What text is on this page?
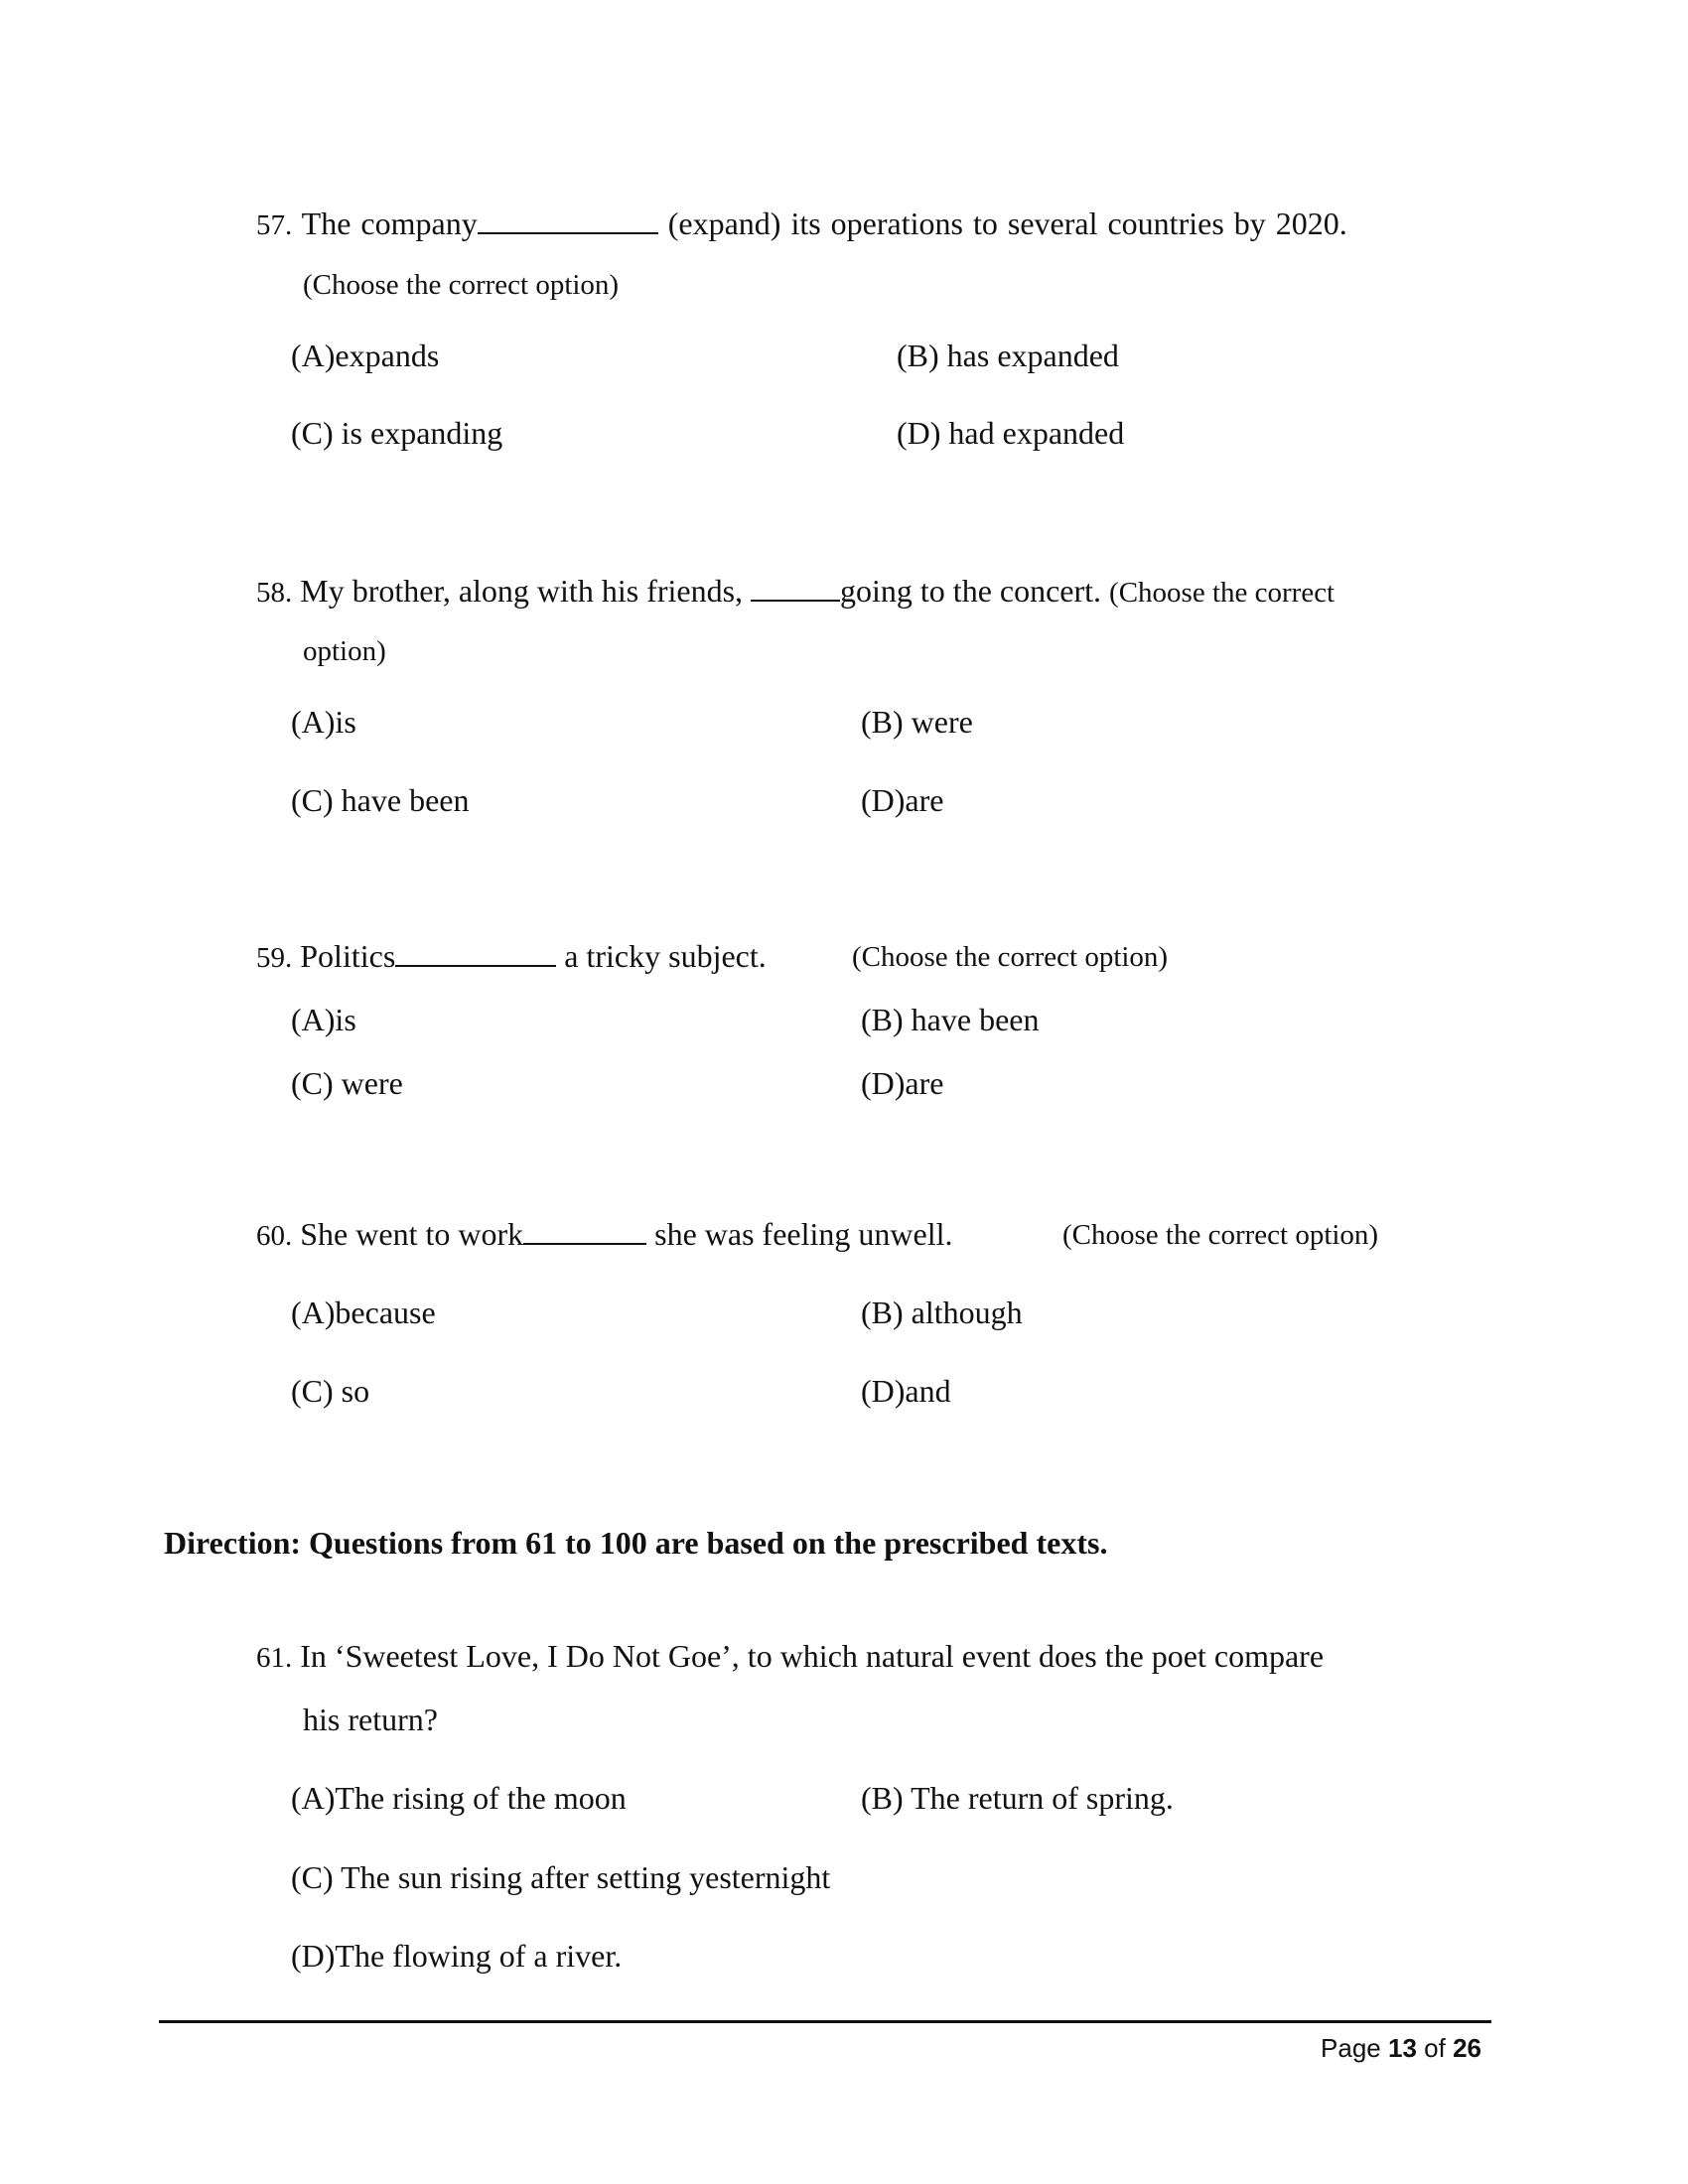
57. The company	(expand) its operations to several countries by 2020.
(Choose the correct option)
(A)expands	(B) has expanded
(C) is expanding	(D) had expanded
58. My brother, along with his friends,	going to the concert. (Choose the correct
option)
(A)is	(B) were
(C) have been	(D)are
59. Politics	a tricky subject.	(Choose the correct option)
(A)is	(B) have been
(C) were	(D)are
60. She went to work	she was feeling unwell.	(Choose the correct option)
(A)because	(B) although
(C) so	(D)and
Direction: Questions from 61 to 100 are based on the prescribed texts.
61. In ‘Sweetest Love, I Do Not Goe’, to which natural event does the poet compare
his return?
(A)The rising of the moon	(B) The return of spring.
(C) The sun rising after setting yesternight
(D)The flowing of a river.
Page 13 of 26
